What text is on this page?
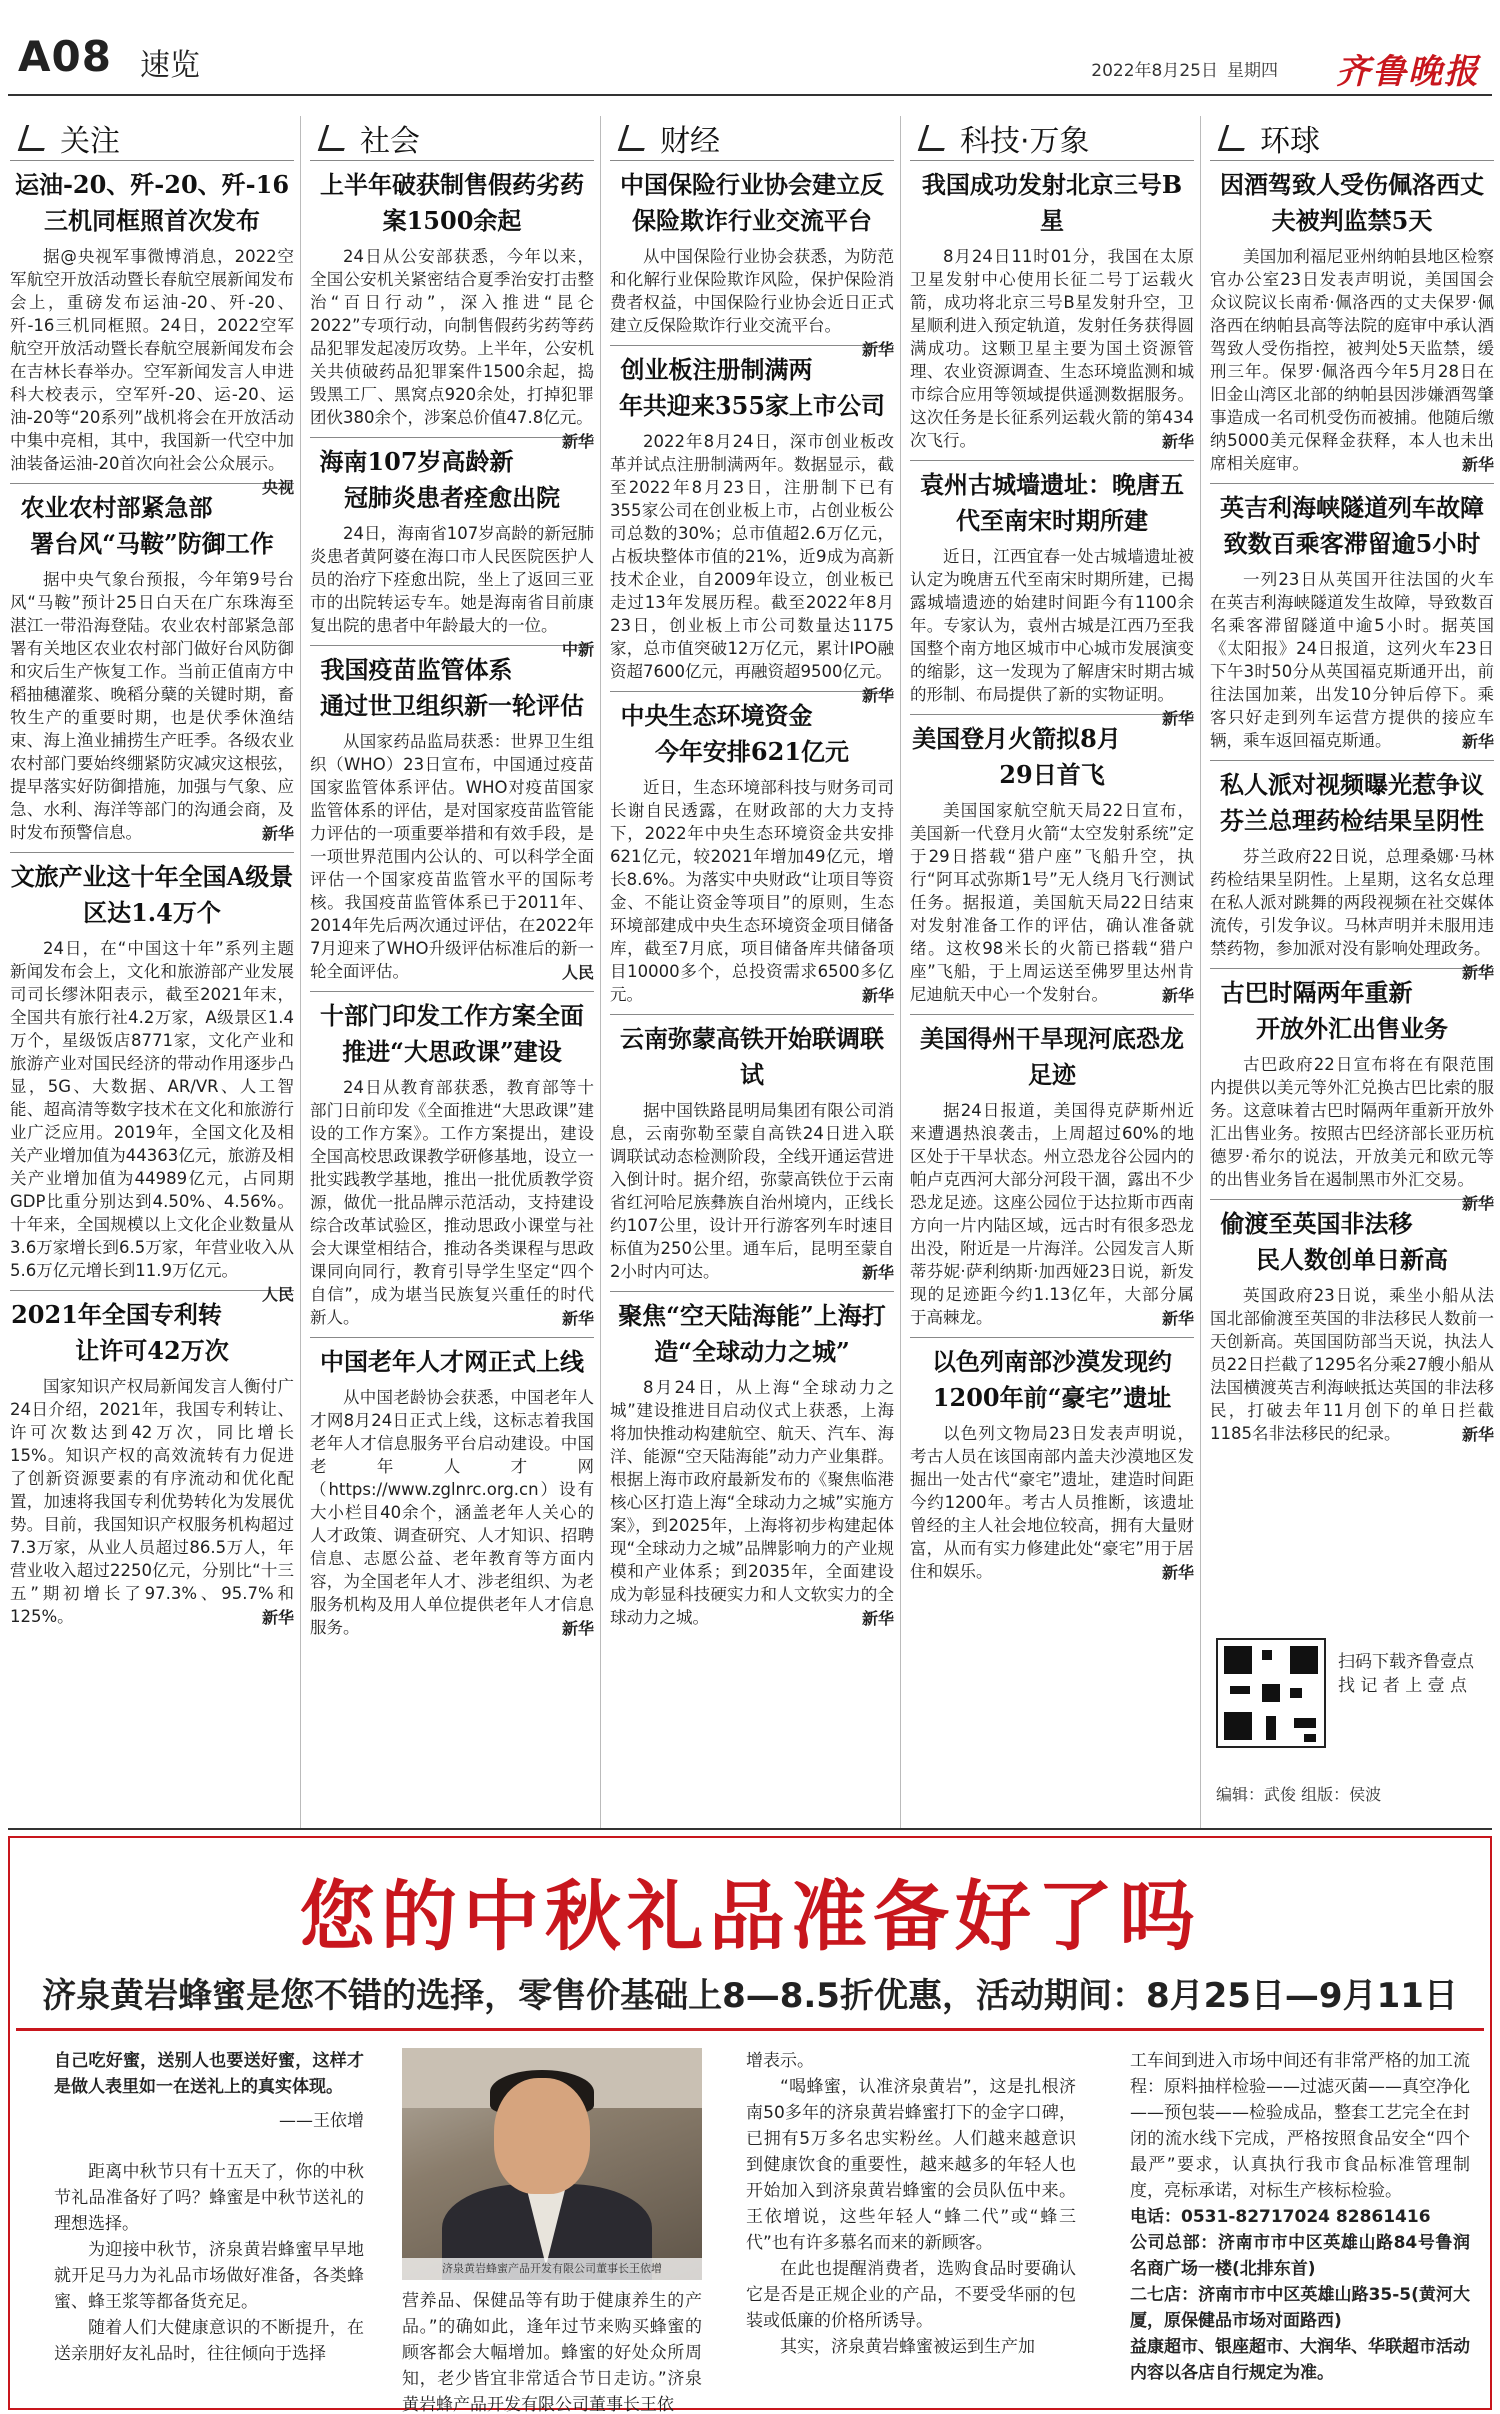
A08 速览	2022年8月25日 星期四 齐鲁晚报
关注
运油-20、歼-20、歼-16三机同框照首次发布
据@央视军事微博消息，2022空军航空开放活动暨长春航空展新闻发布会上，重磅发布运油-20、歼-20、歼-16三机同框照。24日，2022空军航空开放活动暨长春航空展新闻发布会在吉林长春举办。空军新闻发言人申进科大校表示，空军歼-20、运-20、运油-20等“20系列”战机将会在开放活动中集中亮相，其中，我国新一代空中加油装备运油-20首次向社会公众展示。
央视
农业农村部紧急部署台风“马鞍”防御工作
据中央气象台预报，今年第9号台风“马鞍”预计25日白天在广东珠海至湛江一带沿海登陆。农业农村部紧急部署有关地区农业农村部门做好台风防御和灾后生产恢复工作。当前正值南方中稻抽穗灌浆、晚稻分蘖的关键时期，畜牧生产的重要时期，也是伏季休渔结束、海上渔业捕捞生产旺季。各级农业农村部门要始终绷紧防灾减灾这根弦，提早落实好防御措施，加强与气象、应急、水利、海洋等部门的沟通会商，及时发布预警信息。	新华
文旅产业这十年全国A级景区达1.4万个
24日，在“中国这十年”系列主题新闻发布会上，文化和旅游部产业发展司司长缪沐阳表示，截至2021年末，全国共有旅行社4.2万家，A级景区1.4万个，星级饭店8771家，文化产业和旅游产业对国民经济的带动作用逐步凸显，5G、大数据、AR/VR、人工智能、超高清等数字技术在文化和旅游行业广泛应用。2019年，全国文化及相关产业增加值为44363亿元，旅游及相关产业增加值为44989亿元，占同期GDP比重分别达到4.50%、4.56%。十年来，全国规模以上文化企业数量从3.6万家增长到6.5万家，年营业收入从5.6万亿元增长到11.9万亿元。
人民
2021年全国专利转让许可42万次
国家知识产权局新闻发言人衡付广24日介绍，2021年，我国专利转让、许可次数达到42万次，同比增长15%。知识产权的高效流转有力促进了创新资源要素的有序流动和优化配置，加速将我国专利优势转化为发展优势。目前，我国知识产权服务机构超过7.3万家，从业人员超过86.5万人，年营业收入超过2250亿元，分别比“十三五”期初增长了97.3%、95.7%和125%。	新华
社会
上半年破获制售假药劣药案1500余起
24日从公安部获悉，今年以来，全国公安机关紧密结合夏季治安打击整治“百日行动”，深入推进“昆仑2022”专项行动，向制售假药劣药等药品犯罪发起凌厉攻势。上半年，公安机关共侦破药品犯罪案件1500余起，捣毁黑工厂、黑窝点920余处，打掉犯罪团伙380余个，涉案总价值47.8亿元。
新华
海南107岁高龄新冠肺炎患者痊愈出院
24日，海南省107岁高龄的新冠肺炎患者黄阿婆在海口市人民医院医护人员的治疗下痊愈出院，坐上了返回三亚市的出院转运专车。她是海南省目前康复出院的患者中年龄最大的一位。
中新
我国疫苗监管体系通过世卫组织新一轮评估
从国家药品监局获悉：世界卫生组织（WHO）23日宣布，中国通过疫苗国家监管体系评估。WHO对疫苗国家监管体系的评估，是对国家疫苗监管能力评估的一项重要举措和有效手段，是一项世界范围内公认的、可以科学全面评估一个国家疫苗监管水平的国际考核。我国疫苗监管体系已于2011年、2014年先后两次通过评估，在2022年7月迎来了WHO升级评估标准后的新一轮全面评估。	人民
十部门印发工作方案全面推进“大思政课”建设
24日从教育部获悉，教育部等十部门日前印发《全面推进“大思政课”建设的工作方案》。工作方案提出，建设全国高校思政课教学研修基地，设立一批实践教学基地，推出一批优质教学资源，做优一批品牌示范活动，支持建设综合改革试验区，推动思政小课堂与社会大课堂相结合，推动各类课程与思政课同向同行，教育引导学生坚定“四个自信”，成为堪当民族复兴重任的时代新人。	新华
中国老年人才网正式上线
从中国老龄协会获悉，中国老年人才网8月24日正式上线，这标志着我国老年人才信息服务平台启动建设。中国老年人才网（https://www.zglnrc.org.cn）设有大小栏目40余个，涵盖老年人关心的人才政策、调查研究、人才知识、招聘信息、志愿公益、老年教育等方面内容，为全国老年人才、涉老组织、为老服务机构及用人单位提供老年人才信息服务。	新华
财经
中国保险行业协会建立反保险欺诈行业交流平台
从中国保险行业协会获悉，为防范和化解行业保险欺诈风险，保护保险消费者权益，中国保险行业协会近日正式建立反保险欺诈行业交流平台。
新华
创业板注册制满两年共迎来355家上市公司
2022年8月24日，深市创业板改革并试点注册制满两年。数据显示，截至2022年8月23日，注册制下已有355家公司在创业板上市，占创业板公司总数的30%；总市值超2.6万亿元，占板块整体市值的21%，近9成为高新技术企业，自2009年设立，创业板已走过13年发展历程。截至2022年8月23日，创业板上市公司数量达1175家，总市值突破12万亿元，累计IPO融资超7600亿元，再融资超9500亿元。
新华
中央生态环境资金今年安排621亿元
近日，生态环境部科技与财务司司长谢自民透露，在财政部的大力支持下，2022年中央生态环境资金共安排621亿元，较2021年增加49亿元，增长8.6%。为落实中央财政“让项目等资金、不能让资金等项目”的原则，生态环境部建成中央生态环境资金项目储备库，截至7月底，项目储备库共储备项目10000多个，总投资需求6500多亿元。	新华
云南弥蒙高铁开始联调联试
据中国铁路昆明局集团有限公司消息，云南弥勒至蒙自高铁24日进入联调联试动态检测阶段，全线开通运营进入倒计时。据介绍，弥蒙高铁位于云南省红河哈尼族彝族自治州境内，正线长约107公里，设计开行游客列车时速目标值为250公里。通车后，昆明至蒙自2小时内可达。	新华
聚焦“空天陆海能”上海打造“全球动力之城”
8月24日，从上海“全球动力之城”建设推进目启动仪式上获悉，上海将加快推动构建航空、航天、汽车、海洋、能源“空天陆海能”动力产业集群。根据上海市政府最新发布的《聚焦临港核心区打造上海“全球动力之城”实施方案》，到2025年，上海将初步构建起体现“全球动力之城”品牌影响力的产业规模和产业体系；到2035年，全面建设成为彰显科技硬实力和人文软实力的全球动力之城。	新华
科技·万象
我国成功发射北京三号B星
8月24日11时01分，我国在太原卫星发射中心使用长征二号丁运载火箭，成功将北京三号B星发射升空，卫星顺利进入预定轨道，发射任务获得圆满成功。这颗卫星主要为国土资源管理、农业资源调查、生态环境监测和城市综合应用等领域提供遥测数据服务。这次任务是长征系列运载火箭的第434次飞行。	新华
袁州古城墙遗址：晚唐五代至南宋时期所建
近日，江西宜春一处古城墙遗址被认定为晚唐五代至南宋时期所建，已揭露城墙遗迹的始建时间距今有1100余年。专家认为，袁州古城是江西乃至我国整个南方地区城市中心城市发展演变的缩影，这一发现为了解唐宋时期古城的形制、布局提供了新的实物证明。
新华
美国登月火箭拟8月29日首飞
美国国家航空航天局22日宣布，美国新一代登月火箭“太空发射系统”定于29日搭载“猎户座”飞船升空，执行“阿耳忒弥斯1号”无人绕月飞行测试任务。据报道，美国航天局22日结束对发射准备工作的评估，确认准备就绪。这枚98米长的火箭已搭载“猎户座”飞船，于上周运送至佛罗里达州肯尼迪航天中心一个发射台。	新华
美国得州干旱现河底恐龙足迹
据24日报道，美国得克萨斯州近来遭遇热浪袭击，上周超过60%的地区处于干旱状态。州立恐龙谷公园内的帕卢克西河大部分河段干涸，露出不少恐龙足迹。这座公园位于达拉斯市西南方向一片内陆区域，远古时有很多恐龙出没，附近是一片海洋。公园发言人斯蒂芬妮·萨利纳斯·加西娅23日说，新发现的足迹距今约1.13亿年，大部分属于高棘龙。	新华
以色列南部沙漠发现约1200年前“豪宅”遗址
以色列文物局23日发表声明说，考古人员在该国南部内盖夫沙漠地区发掘出一处古代“豪宅”遗址，建造时间距今约1200年。考古人员推断，该遗址曾经的主人社会地位较高，拥有大量财富，从而有实力修建此处“豪宅”用于居住和娱乐。	新华
环球
因酒驾致人受伤佩洛西丈夫被判监禁5天
美国加利福尼亚州纳帕县地区检察官办公室23日发表声明说，美国国会众议院议长南希·佩洛西的丈夫保罗·佩洛西在纳帕县高等法院的庭审中承认酒驾致人受伤指控，被判处5天监禁，缓刑三年。保罗·佩洛西今年5月28日在旧金山湾区北部的纳帕县因涉嫌酒驾肇事造成一名司机受伤而被捕。他随后缴纳5000美元保释金获释，本人也未出席相关庭审。	新华
英吉利海峡隧道列车故障致数百乘客滞留逾5小时
一列23日从英国开往法国的火车在英吉利海峡隧道发生故障，导致数百名乘客滞留隧道中逾5小时。据英国《太阳报》24日报道，这列火车23日下午3时50分从英国福克斯通开出，前往法国加莱，出发10分钟后停下。乘客只好走到列车运营方提供的接应车辆，乘车返回福克斯通。	新华
私人派对视频曝光惹争议芬兰总理药检结果呈阴性
芬兰政府22日说，总理桑娜·马林药检结果呈阴性。上星期，这名女总理在私人派对跳舞的两段视频在社交媒体流传，引发争议。马林声明并未服用违禁药物，参加派对没有影响处理政务。
新华
古巴时隔两年重新开放外汇出售业务
古巴政府22日宣布将在有限范围内提供以美元等外汇兑换古巴比索的服务。这意味着古巴时隔两年重新开放外汇出售业务。按照古巴经济部长亚历杭德罗·希尔的说法，开放美元和欧元等的出售业务旨在遏制黑市外汇交易。
新华
偷渡至英国非法移民人数创单日新高
英国政府23日说，乘坐小船从法国北部偷渡至英国的非法移民人数前一天创新高。英国国防部当天说，执法人员22日拦截了1295名分乘27艘小船从法国横渡英吉利海峡抵达英国的非法移民，打破去年11月创下的单日拦截1185名非法移民的纪录。	新华
扫码下载齐鲁壹点
找 记 者 上 壹 点
编辑：武俊 组版：侯波
您的中秋礼品准备好了吗
济泉黄岩蜂蜜是您不错的选择，零售价基础上8—8.5折优惠，活动期间：8月25日—9月11日
自己吃好蜜，送别人也要送好蜜，这样才是做人表里如一在送礼上的真实体现。
——王依增

距离中秋节只有十五天了，你的中秋节礼品准备好了吗？蜂蜜是中秋节送礼的理想选择。

为迎接中秋节，济泉黄岩蜂蜜早早地就开足马力为礼品市场做好准备，各类蜂蜜、蜂王浆等都备货充足。

随着人们大健康意识的不断提升，在送亲朋好友礼品时，往往倾向于选择

济泉黄岩蜂蜜产品开发有限公司董事长王依增

营养品、保健品等有助于健康养生的产品。”的确如此，逢年过节来购买蜂蜜的顾客都会大幅增加。蜂蜜的好处众所周知，老少皆宜非常适合节日走访。”济泉黄岩蜂产品开发有限公司董事长王依

增表示。

“喝蜂蜜，认准济泉黄岩”，这是扎根济南50多年的济泉黄岩蜂蜜打下的金字口碑，已拥有5万多名忠实粉丝。人们越来越意识到健康饮食的重要性，越来越多的年轻人也开始加入到济泉黄岩蜂蜜的会员队伍中来。王依增说，这些年轻人“蜂二代”或“蜂三代”也有许多慕名而来的新顾客。

在此也提醒消费者，选购食品时要确认它是否是正规企业的产品，不要受华丽的包装或低廉的价格所诱导。

其实，济泉黄岩蜂蜜被运到生产加

工车间到进入市场中间还有非常严格的加工流程：原料抽样检验——过滤灭菌——真空净化——预包装——检验成品，整套工艺完全在封闭的流水线下完成，严格按照食品安全“四个最严”要求，认真执行我市食品标准管理制度，亮标承诺，对标生产核标检验。

电话：0531-82717024 82861416

公司总部：济南市市中区英雄山路84号鲁润名商广场一楼(北排东首)

二七店：济南市市中区英雄山路35-5(黄河大厦，原保健品市场对面路西)

益康超市、银座超市、大润华、华联超市活动内容以各店自行规定为准。
